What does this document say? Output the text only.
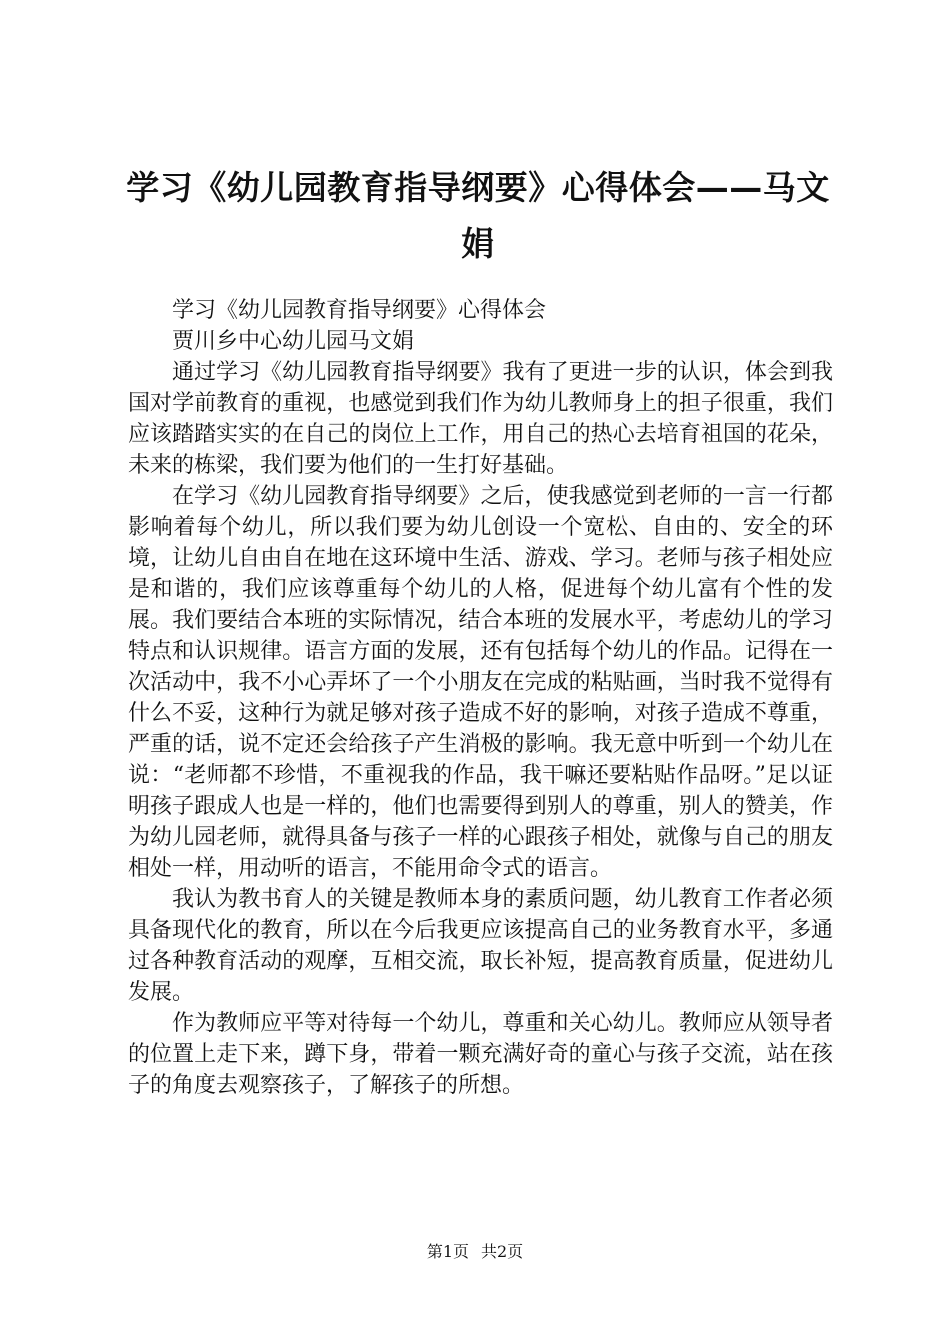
学习《幼儿园教育指导纲要》心得体会——马文娟

学习《幼儿园教育指导纲要》心得体会

贾川乡中心幼儿园马文娟

通过学习《幼儿园教育指导纲要》我有了更进一步的认识，体会到我国对学前教育的重视，也感觉到我们作为幼儿教师身上的担子很重，我们应该踏踏实实的在自己的岗位上工作，用自己的热心去培育祖国的花朵，未来的栋梁，我们要为他们的一生打好基础。

在学习《幼儿园教育指导纲要》之后，使我感觉到老师的一言一行都影响着每个幼儿，所以我们要为幼儿创设一个宽松、自由的、安全的环境，让幼儿自由自在地在这环境中生活、游戏、学习。老师与孩子相处应是和谐的，我们应该尊重每个幼儿的人格，促进每个幼儿富有个性的发展。我们要结合本班的实际情况，结合本班的发展水平，考虑幼儿的学习特点和认识规律。语言方面的发展，还有包括每个幼儿的作品。记得在一次活动中，我不小心弄坏了一个小朋友在完成的粘贴画，当时我不觉得有什么不妥，这种行为就足够对孩子造成不好的影响，对孩子造成不尊重，严重的话，说不定还会给孩子产生消极的影响。我无意中听到一个幼儿在说：“老师都不珍惜，不重视我的作品，我干嘛还要粘贴作品呀。”足以证明孩子跟成人也是一样的，他们也需要得到别人的尊重，别人的赞美，作为幼儿园老师，就得具备与孩子一样的心跟孩子相处，就像与自己的朋友相处一样，用动听的语言，不能用命令式的语言。

我认为教书育人的关键是教师本身的素质问题，幼儿教育工作者必须具备现代化的教育，所以在今后我更应该提高自己的业务教育水平，多通过各种教育活动的观摩，互相交流，取长补短，提高教育质量，促进幼儿发展。

作为教师应平等对待每一个幼儿，尊重和关心幼儿。教师应从领导者的位置上走下来，蹲下身，带着一颗充满好奇的童心与孩子交流，站在孩子的角度去观察孩子，了解孩子的所想。

第1页 共2页
